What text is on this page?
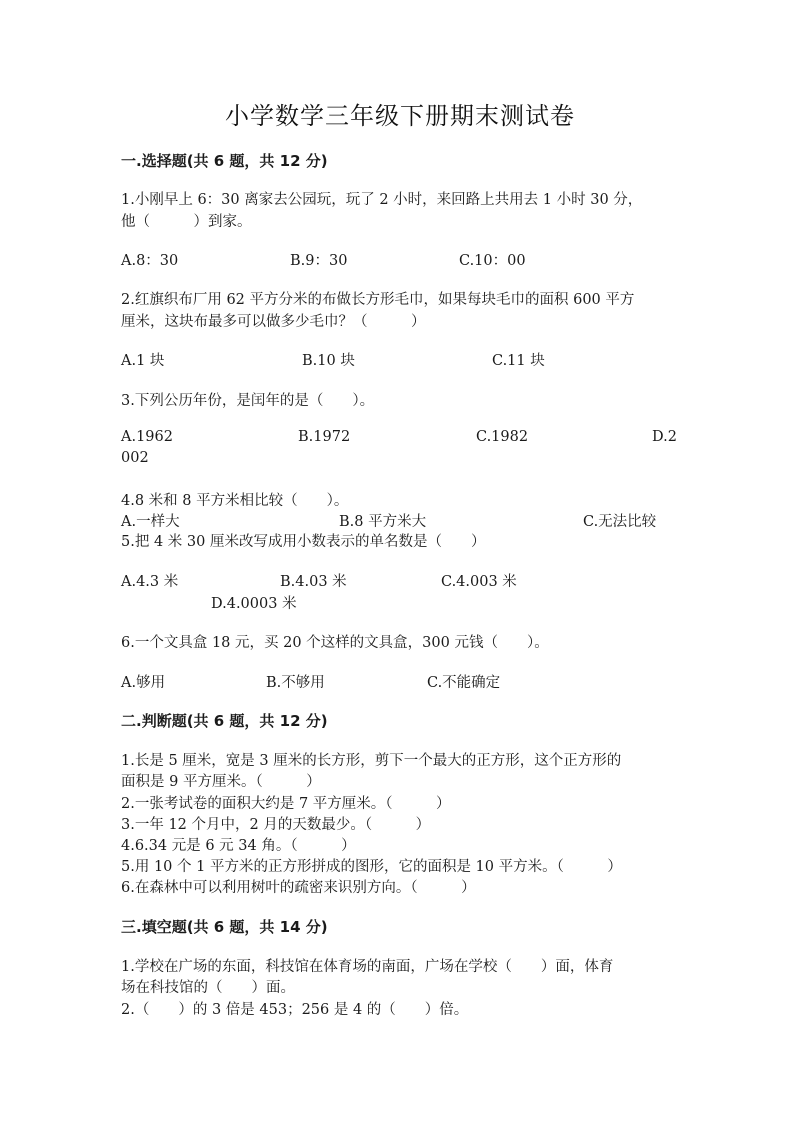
小学数学三年级下册期末测试卷
一.选择题(共 6 题，共 12 分)
1.小刚早上 6：30 离家去公园玩，玩了 2 小时，来回路上共用去 1 小时 30 分，
他（　　　）到家。
A.8：30	B.9：30	C.10：00
2.红旗织布厂用 62 平方分米的布做长方形毛巾，如果每块毛巾的面积 600 平方
厘米，这块布最多可以做多少毛巾？（　　　）
A.1 块	B.10 块	C.11 块
3.下列公历年份，是闰年的是（　　）。
A.1962	B.1972	C.1982	D.2
002
4.8 米和 8 平方米相比较（　　）。
A.一样大	B.8 平方米大	C.无法比较
5.把 4 米 30 厘米改写成用小数表示的单名数是（　　）
A.4.3 米	B.4.03 米	C.4.003 米
D.4.0003 米
6.一个文具盒 18 元，买 20 个这样的文具盒，300 元钱（　　）。
A.够用	B.不够用	C.不能确定
二.判断题(共 6 题，共 12 分)
1.长是 5 厘米，宽是 3 厘米的长方形，剪下一个最大的正方形，这个正方形的
面积是 9 平方厘米。（　　　）
2.一张考试卷的面积大约是 7 平方厘米。（　　　）
3.一年 12 个月中，2 月的天数最少。（　　　）
4.6.34 元是 6 元 34 角。（　　　）
5.用 10 个 1 平方米的正方形拼成的图形，它的面积是 10 平方米。（　　　）
6.在森林中可以利用树叶的疏密来识别方向。（　　　）
三.填空题(共 6 题，共 14 分)
1.学校在广场的东面，科技馆在体育场的南面，广场在学校（　　）面，体育
场在科技馆的（　　）面。
2.（　　）的 3 倍是 453；256 是 4 的（　　）倍。
